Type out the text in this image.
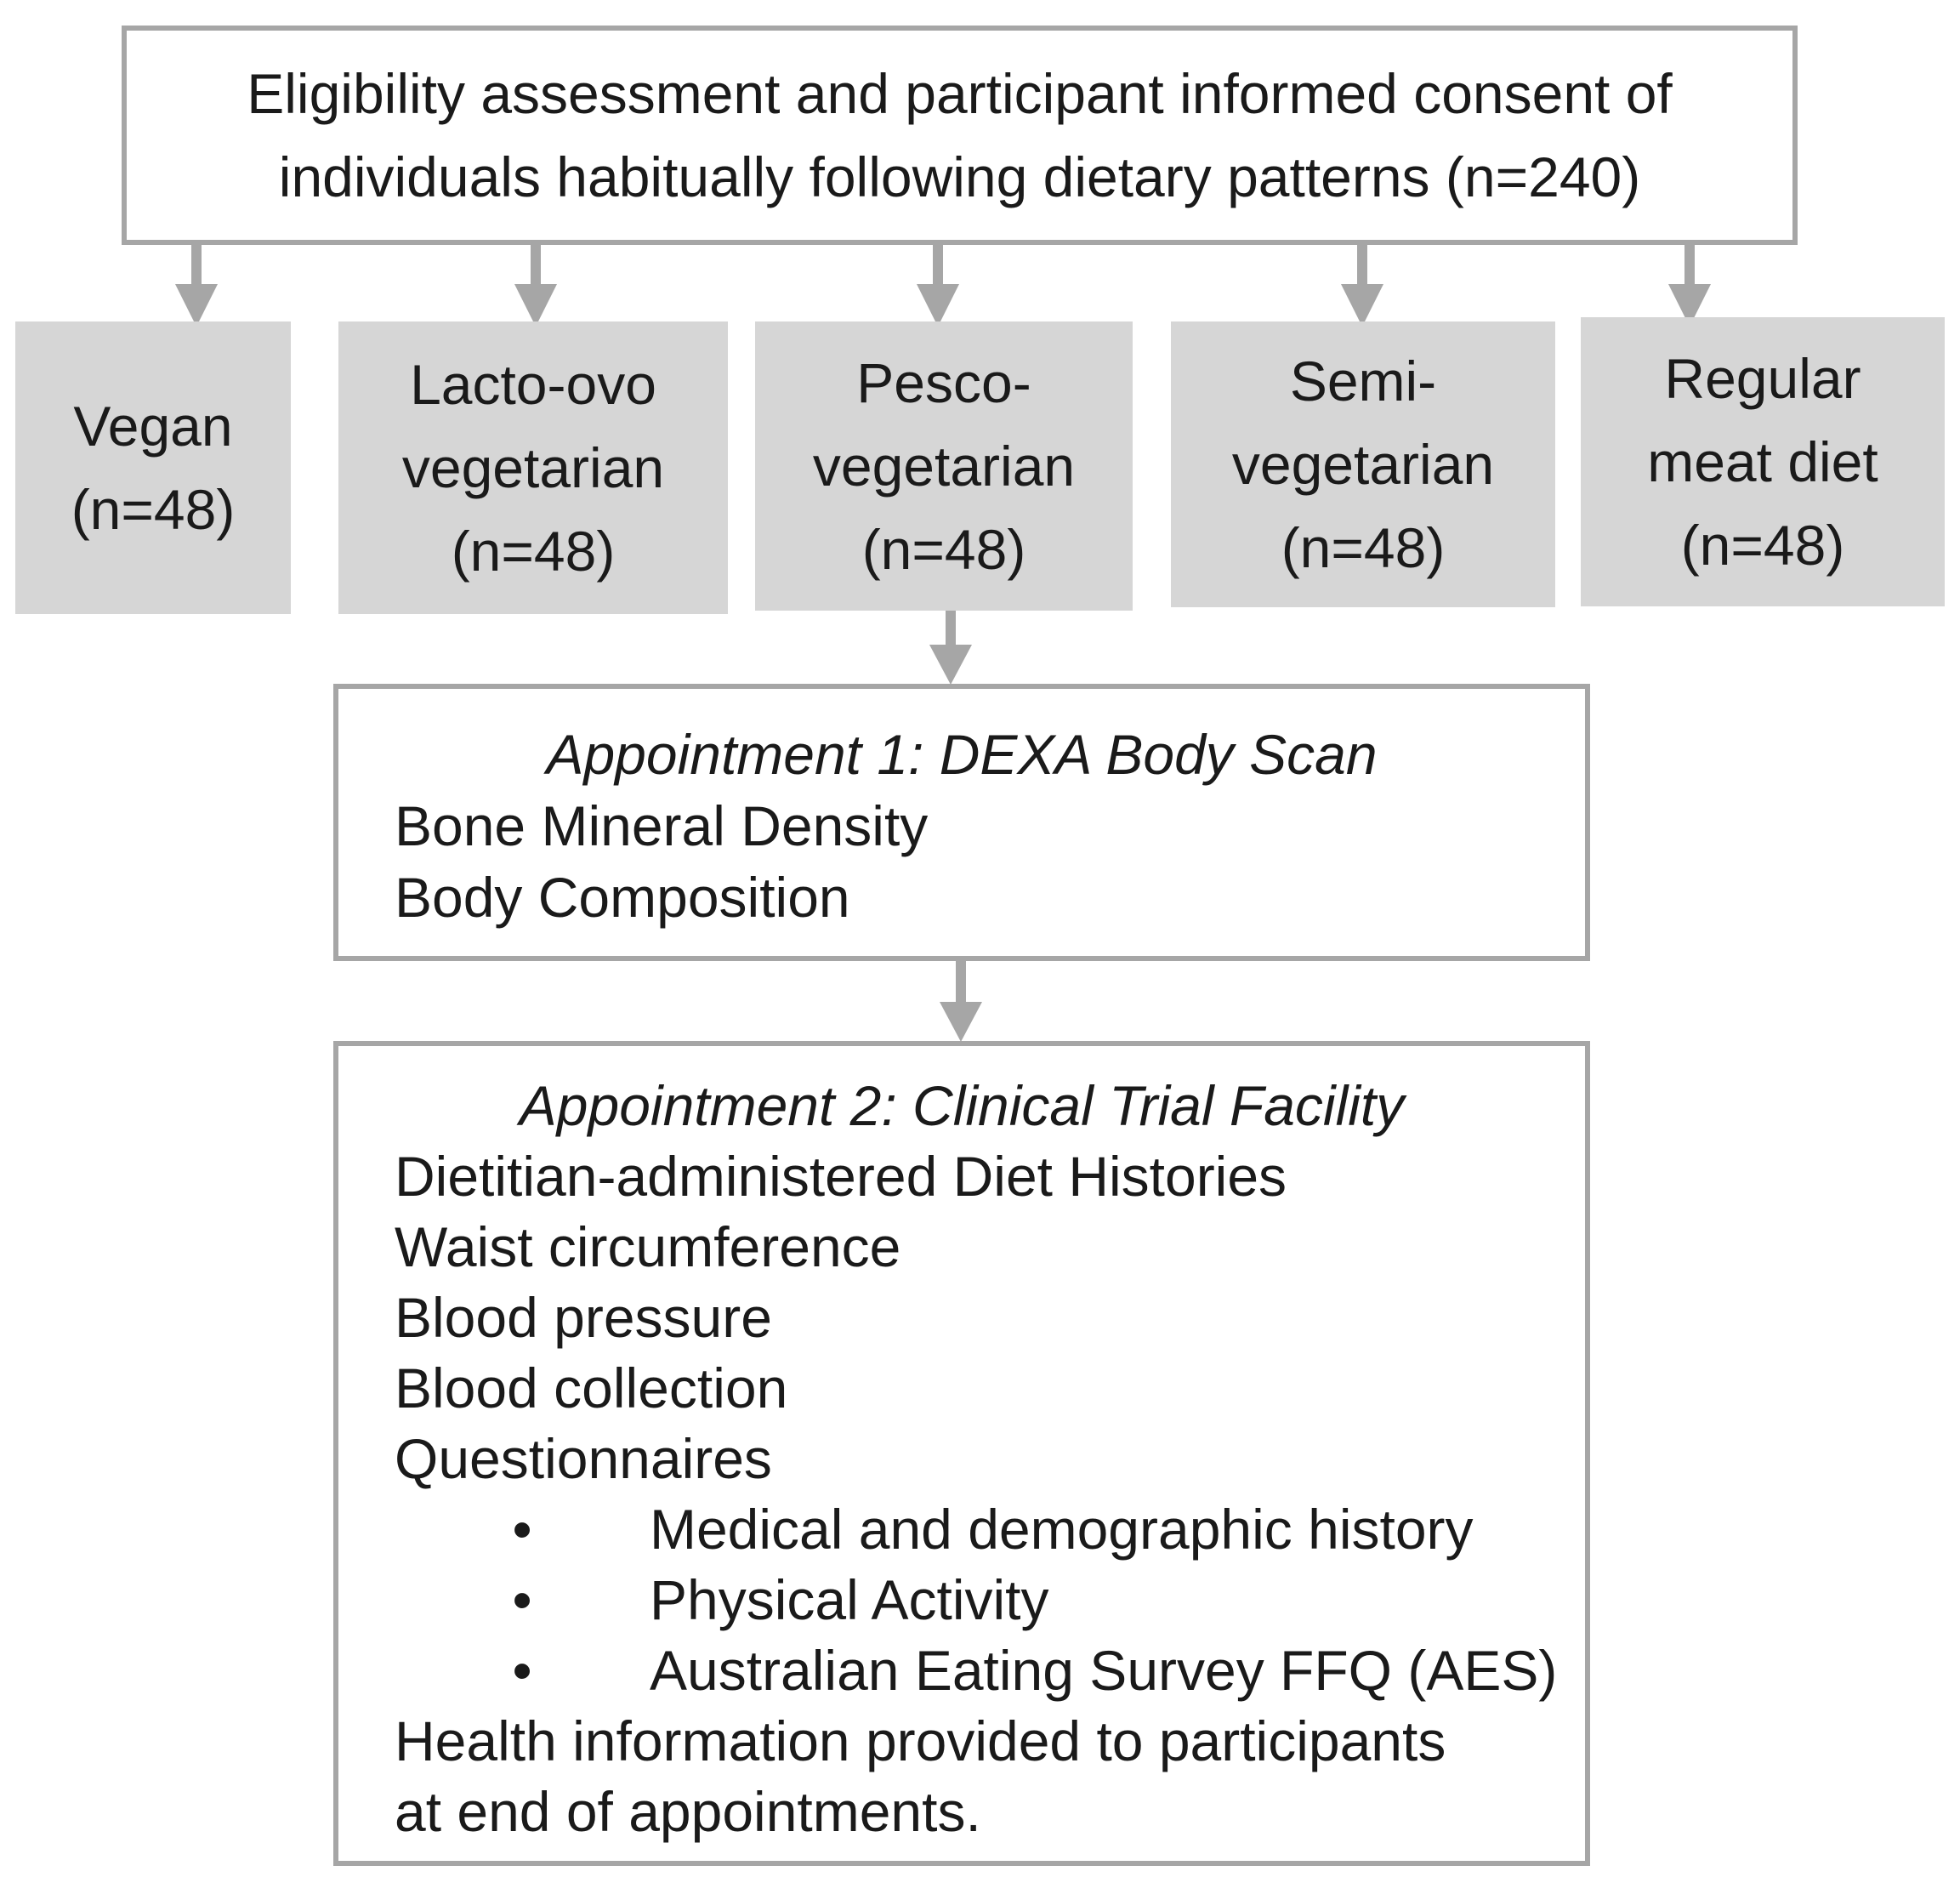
Eligibility assessment and participant informed consent of
individuals habitually following dietary patterns (n=240)
Vegan
(n=48)
Lacto-ovo
vegetarian
(n=48)
Pesco-
vegetarian
(n=48)
Semi-
vegetarian
(n=48)
Regular
meat diet
(n=48)
Appointment 1: DEXA Body Scan
Bone Mineral Density
Body Composition
Appointment 2: Clinical Trial Facility
Dietitian-administered Diet Histories
Waist circumference
Blood pressure
Blood collection
Questionnaires
•	Medical and demographic history
•	Physical Activity
•	Australian Eating Survey FFQ (AES)
Health information provided to participants
at end of appointments.
